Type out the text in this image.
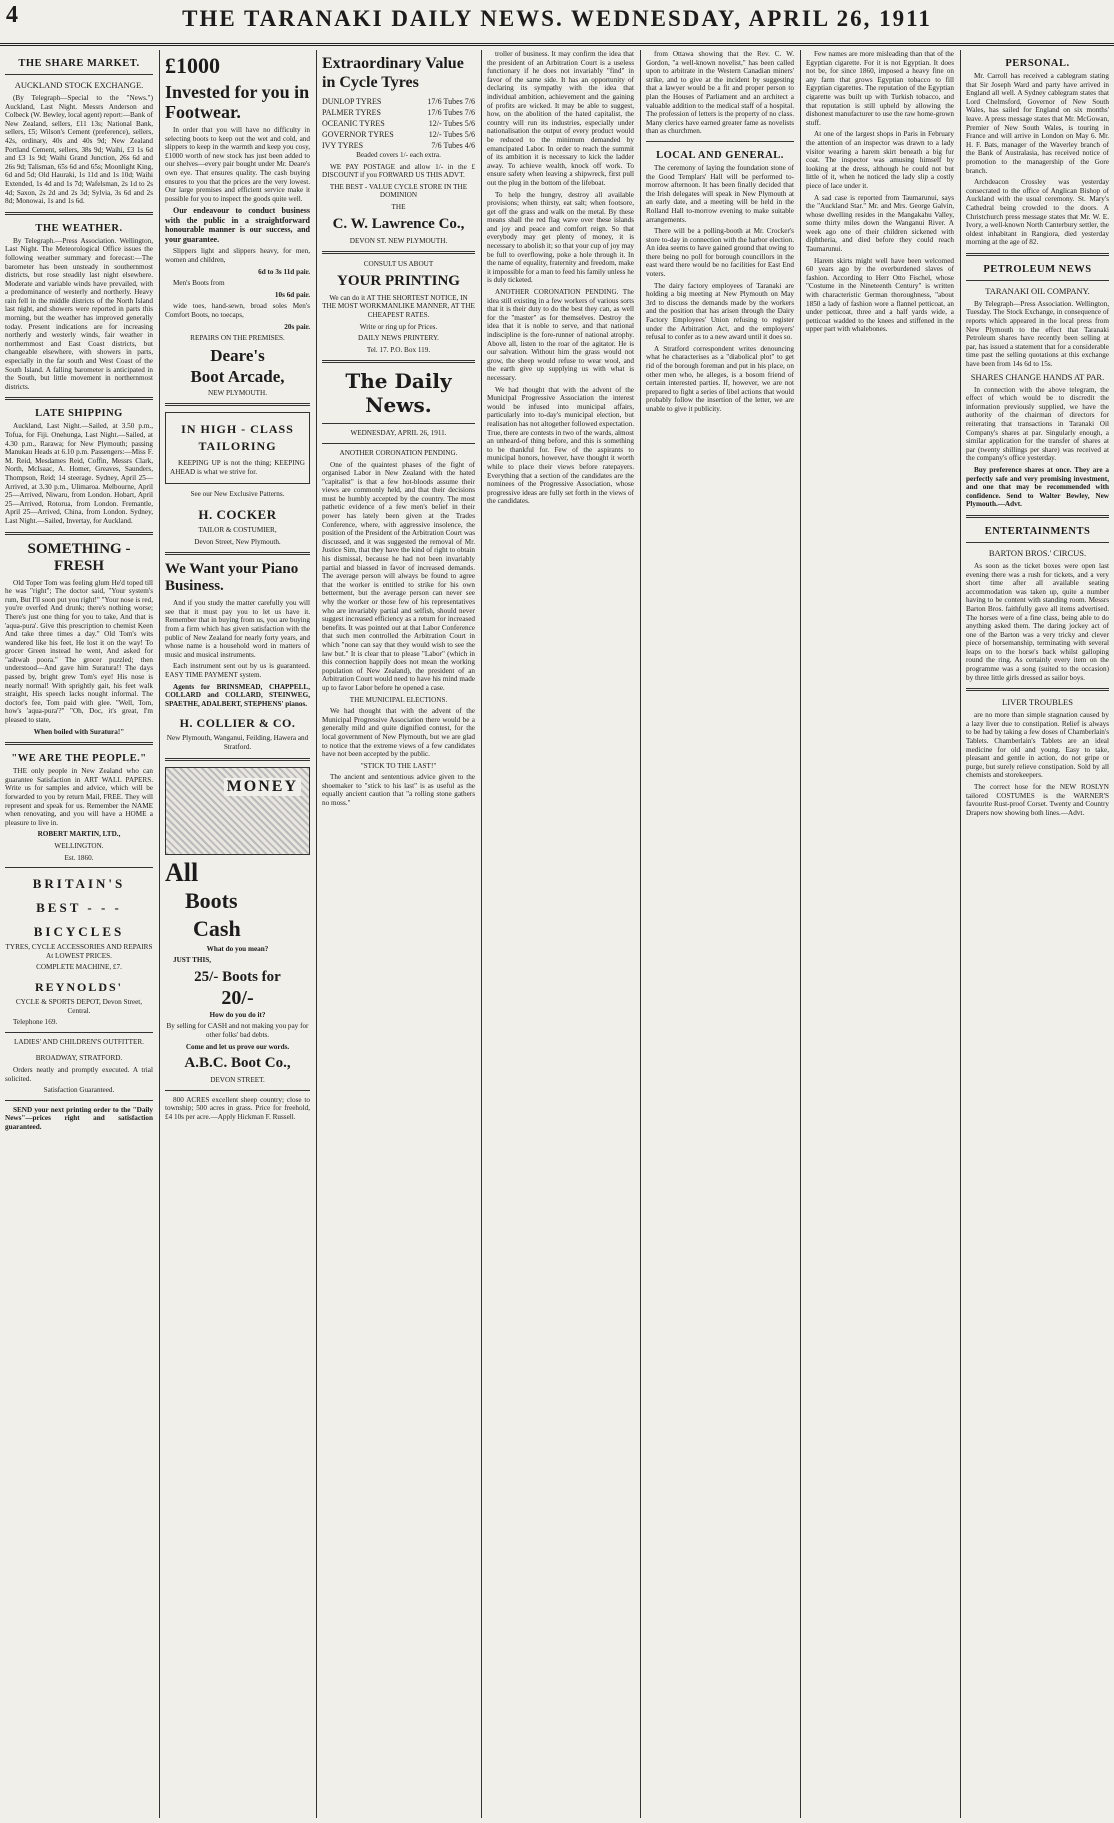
4	THE TARANAKI DAILY NEWS. WEDNESDAY, APRIL 26, 1911
THE SHARE MARKET.
AUCKLAND STOCK EXCHANGE.

(By Telegraph—Special to the "News.") Auckland, Last Night. Messrs Anderson and Colbeck (W. Bewley, local agent) report:—Bank of New Zealand, sellers, £11 13s; National Bank, sellers, £5; Wilson's Cement (preference), sellers, 42s, ordinary, 40s and 40s 9d; New Zealand Portland Cement, sellers, 38s 9d; Waihi, £3 1s 6d and £3 1s 9d; Waihi Grand Junction, 26s 6d and 26s 9d; Talisman, 65s 6d and 65s; Moonlight King, 6d and 5d; Old Hauraki, 1s 11d and 1s 10d; Waihi Extended, 1s 4d and 1s 7d; Wafelsman, 2s 1d to 2s 4d; Saxon, 2s 2d and 2s 3d; Sylvia, 3s 6d and 2s 8d; Monowai, 1s and 1s 6d.

THE WEATHER.

By Telegraph.—Press Association. Wellington, Last Night. The Meteorological Office issues the following weather summary and forecast:—The barometer has been unsteady in southernmost districts, but rose steadily last night elsewhere. Moderate and variable winds have prevailed, with a predominance of westerly and northerly. Heavy rain fell in the middle districts of the North Island last night, and showers were reported in parts this morning, but the weather has improved generally today. Present indications are for increasing northerly and westerly winds, fair weather in northernmost and East Coast districts, but changeable elsewhere, with showers in parts, especially in the far south and West Coast of the South Island. A falling barometer is anticipated in the South, but little movement in northernmost districts.

LATE SHIPPING

Auckland, Last Night.—Sailed, at 3.50 p.m., Tofua, for Fiji. Onehunga, Last Night.—Sailed, at 4.30 p.m., Rarawa; for New Plymouth; passing Manukau Heads at 6.10 p.m. Passengers:—Miss F. M. Reid, Mesdames Reid, Coffin, Messrs Clark, North, McIsaac, A. Homer, Greaves, Saunders, Thompson, Reid; 14 steerage. Sydney, April 25—Arrived, at 3.30 p.m., Ulimaroa. Melbourne, April 25—Arrived, Niwaru, from London. Hobart, April 25—Arrived, Rotorua, from London. Fremantle, April 25—Arrived, China, from London. Sydney, Last Night.—Sailed, Invertay, for Auckland.

SOMETHING - FRESH

Old Toper Tom was feeling glum He'd toped till he was "right"; The doctor said, "Your system's rum, But I'll soon put you right!" "Your nose is red, you're overfed And drunk; there's nothing worse; There's just one thing for you to take, And that is 'aqua-pura'. Give this prescription to chemist Keen And take three times a day." Old Tom's wits wandered like his feet, He lost it on the way! To grocer Green instead he went, And asked for "ashwah poora." The grocer puzzled; then understood—And gave him Suratura!! The days passed by, bright grew Tom's eye! His nose is nearly normal! With sprightly gait, his feet walk straight, His speech lacks nought informal. The doctor's fee, Tom paid with glee. "Well, Tom, how's 'aqua-pura'?" "Oh, Doc, it's great, I'm pleased to state,

When boiled with Suratura!"

"WE ARE THE PEOPLE."

THE only people in New Zealand who can guarantee Satisfaction in ART WALL PAPERS. Write us for samples and advice, which will be forwarded to you by return Mail, FREE. They will represent and speak for us. Remember the NAME when renovating, and you will have a HOME a pleasure to live in.

ROBERT MARTIN, LTD.,

WELLINGTON.

Est. 1860.

BRITAIN'S
BEST - - -
BICYCLES

TYRES, CYCLE ACCESSORIES AND REPAIRS At LOWEST PRICES.

COMPLETE MACHINE, £7.

REYNOLDS'

CYCLE & SPORTS DEPOT, Devon Street, Central.

Telephone 169.

LADIES' AND CHILDREN'S OUTFITTER.

BROADWAY, STRATFORD.

Orders neatly and promptly executed. A trial solicited.

Satisfaction Guaranteed.

SEND your next printing order to the "Daily News"—prices right and satisfaction guaranteed.

£1000
Invested for you in Footwear.

In order that you will have no difficulty in selecting boots to keep out the wet and cold, and slippers to keep in the warmth and keep you cosy, £1000 worth of new stock has just been added to our shelves—every pair bought under Mr. Deare's own eye. That ensures quality. The cash buying ensures to you that the prices are the very lowest. Our large premises and efficient service make it possible for you to inspect the goods quite well.

Our endeavour to conduct business with the public in a straightforward honourable manner is our success, and your guarantee.

Slippers light and slippers heavy, for men, women and children,

6d to 3s 11d pair.

Men's Boots from

10s 6d pair.

wide toes, hand-sewn, broad soles Men's Comfort Boots, no toecaps,

20s pair.

REPAIRS ON THE PREMISES.

Deare's
Boot Arcade,

NEW PLYMOUTH.

IN HIGH - CLASS TAILORING

KEEPING UP is not the thing; KEEPING AHEAD is what we strive for.

See our New Exclusive Patterns.

H. COCKER

TAILOR & COSTUMIER,

Devon Street, New Plymouth.

We Want your Piano Business.

And if you study the matter carefully you will see that it must pay you to let us have it. Remember that in buying from us, you are buying from a firm which has given satisfaction with the public of New Zealand for nearly forty years, and whose name is a household word in matters of music and musical instruments.

Each instrument sent out by us is guaranteed. EASY TIME PAYMENT system.

Agents for BRINSMEAD, CHAPPELL, COLLARD and COLLARD, STEINWEG, SPAETHE, ADALBERT, STEPHENS' pianos.

H. COLLIER & CO.

New Plymouth, Wanganui, Feilding, Hawera and Stratford.

MONEY
All
Boots
Cash

What do you mean?

JUST THIS,

25/- Boots for
20/-

How do you do it?

By selling for CASH and not making you pay for other folks' bad debts.

Come and let us prove our words.

A.B.C. Boot Co.,

DEVON STREET.

800 ACRES excellent sheep country; close to township; 500 acres in grass. Price for freehold, £4 10s per acre.—Apply Hickman F. Russell.

Extraordinary Value in Cycle Tyres
DUNLOP TYRES	17/6 Tubes 7/6
PALMER TYRES	17/6 Tubes 7/6
OCEANIC TYRES	12/- Tubes 5/6
GOVERNOR TYRES	12/- Tubes 5/6
IVY TYRES	7/6 Tubes 4/6

Beaded covers 1/- each extra.

WE PAY POSTAGE and allow 1/- in the £ DISCOUNT if you FORWARD US THIS ADVT.

THE BEST - VALUE CYCLE STORE IN THE DOMINION

THE

C. W. Lawrence Co.,

DEVON ST. NEW PLYMOUTH.

CONSULT US ABOUT

YOUR PRINTING

We can do it AT THE SHORTEST NOTICE, IN THE MOST WORKMANLIKE MANNER, AT THE CHEAPEST RATES.

Write or ring up for Prices.

DAILY NEWS PRINTERY.

Tel. 17. P.O. Box 119.

The Daily News.

WEDNESDAY, APRIL 26, 1911.

ANOTHER CORONATION PENDING.

One of the quaintest phases of the fight of organised Labor in New Zealand with the hated "capitalist" is that a few hot-bloods assume their views are commonly held, and that their decisions must be humbly accepted by the country. The most pathetic evidence of a few men's belief in their power has lately been given at the Trades Conference, where, with aggressive insolence, the position of the President of the Arbitration Court was discussed, and it was suggested the removal of Mr. Justice Sim, that they have the kind of right to obtain his dismissal, because he had not been invariably partial and biassed in favor of increased demands. The average person will always be found to agree that the worker is entitled to strike for his own betterment, but the average person can never see why the worker or those few of his representatives who are invariably partial and selfish, should never suggest increased efficiency as a return for increased benefits. It was pointed out at that Labor Conference that such men controlled the Arbitration Court in which "none can say that they would wish to see the law but." It is clear that to please "Labor" (which in this connection happily does not mean the working population of New Zealand), the president of an Arbitration Court would need to have his mind made up to favor Labor before he opened a case.

THE MUNICIPAL ELECTIONS.

We had thought that with the advent of the Municipal Progressive Association there would be a generally mild and quite dignified contest, for the local government of New Plymouth, but we are glad to notice that the extreme views of a few candidates have not been accepted by the public.

"STICK TO THE LAST!"

The ancient and sententious advice given to the shoemaker to "stick to his last" is as useful as the equally ancient caution that "a rolling stone gathers no moss."

troller of business. It may confirm the idea that the president of an Arbitration Court is a useless functionary if he does not invariably "find" in favor of the same side. It has an opportunity of declaring its sympathy with the idea that individual ambition, achievement and the gaining of profits are wicked. It may be able to suggest, how, on the abolition of the hated capitalist, the country will run its industries, especially under nationalisation the output of every product would be reduced to the minimum demanded by emancipated Labor. In order to reach the summit of its ambition it is necessary to kick the ladder away. To achieve wealth, knock off work. To ensure safety when leaving a shipwreck, first pull out the plug in the bottom of the lifeboat.

To help the hungry, destroy all available provisions; when thirsty, eat salt; when footsore, get off the grass and walk on the metal. By these means shall the red flag wave over these islands and joy and peace and comfort reign. So that everybody may get plenty of money, it is necessary to abolish it; so that your cup of joy may be full to overflowing, poke a hole through it. In the name of equality, fraternity and freedom, make it impossible for a man to feed his family unless he is duly ticketed.

ANOTHER CORONATION PENDING. The idea still existing in a few workers of various sorts that it is their duty to do the best they can, as well for the "master" as for themselves. Destroy the idea that it is noble to serve, and that national indiscipline is the fore-runner of national atrophy. Above all, listen to the roar of the agitator. He is our salvation. Without him the grass would not grow, the sheep would refuse to wear wool, and the earth give up supplying us with what is necessary.

We had thought that with the advent of the Municipal Progressive Association the interest would be infused into municipal affairs, particularly into to-day's municipal election, but realisation has not altogether followed expectation. True, there are contests in two of the wards, almost an unheard-of thing before, and this is something to be thankful for. Few of the aspirants to municipal honors, however, have thought it worth while to place their views before ratepayers. Everything that a section of the candidates are the nominees of the Progressive Association, whose progressive ideas are fully set forth in the views of the candidates.

from Ottawa showing that the Rev. C. W. Gordon, "a well-known novelist," has been called upon to arbitrate in the Western Canadian miners' strike, and to give at the incident by suggesting that a lawyer would be a fit and proper person to plan the Houses of Parliament and an architect a valuable addition to the medical staff of a hospital. The profession of letters is the property of no class. Many clerics have earned greater fame as novelists than as churchmen.

LOCAL AND GENERAL.

The ceremony of laying the foundation stone of the Good Templars' Hall will be performed to-morrow afternoon. It has been finally decided that the Irish delegates will speak in New Plymouth at an early date, and a meeting will be held in the Rolland Hall to-morrow evening to make suitable arrangements.

There will be a polling-booth at Mr. Crocker's store to-day in connection with the harbor election. An idea seems to have gained ground that owing to there being no poll for borough councillors in the east ward there would be no facilities for East End voters.

The dairy factory employees of Taranaki are holding a big meeting at New Plymouth on May 3rd to discuss the demands made by the workers and the position that has arisen through the Dairy Factory Employees' Union refusing to register under the Arbitration Act, and the employers' refusal to confer as to a new award until it does so.

A Stratford correspondent writes denouncing what he characterises as a "diabolical plot" to get rid of the borough foreman and put in his place, on other men who, he alleges, is a bosom friend of certain interested parties. If, however, we are not prepared to fight a series of libel actions that would probably follow the insertion of the letter, we are unable to give it publicity.

Few names are more misleading than that of the Egyptian cigarette. For it is not Egyptian. It does not be, for since 1860, imposed a heavy fine on any farm that grows Egyptian tobacco to fill Egyptian cigarettes. The reputation of the Egyptian cigarette was built up with Turkish tobacco, and that reputation is still upheld by allowing the dishonest manufacturer to use the raw home-grown stuff.

At one of the largest shops in Paris in February the attention of an inspector was drawn to a lady visitor wearing a harem skirt beneath a big fur coat. The inspector was amusing himself by looking at the dress, although he could not but little of it, when he noticed the lady slip a costly piece of lace under it.

A sad case is reported from Taumarunui, says the "Auckland Star." Mr. and Mrs. George Galvin, whose dwelling resides in the Mangakahu Valley, some thirty miles down the Wanganui River. A week ago one of their children sickened with diphtheria, and died before they could reach Taumarunui.

Harem skirts might well have been welcomed 60 years ago by the overburdened slaves of fashion. According to Herr Otto Fischel, whose "Costume in the Nineteenth Century" is written with characteristic German thoroughness, "about 1850 a lady of fashion wore a flannel petticoat, an under petticoat, three and a half yards wide, a petticoat wadded to the knees and stiffened in the upper part with whalebones.

PERSONAL.

Mr. Carroll has received a cablegram stating that Sir Joseph Ward and party have arrived in England all well. A Sydney cablegram states that Lord Chelmsford, Governor of New South Wales, has sailed for England on six months' leave. A press message states that Mr. McGowan, Premier of New South Wales, is touring in France and will arrive in London on May 6. Mr. H. F. Bats, manager of the Waverley branch of the Bank of Australasia, has received notice of promotion to the managership of the Gore branch.

Archdeacon Crossley was yesterday consecrated to the office of Anglican Bishop of Auckland with the usual ceremony. St. Mary's Cathedral being crowded to the doors. A Christchurch press message states that Mr. W. E. Ivory, a well-known North Canterbury settler, the oldest inhabitant in Rangiora, died yesterday morning at the age of 82.

PETROLEUM NEWS
TARANAKI OIL COMPANY.

By Telegraph—Press Association. Wellington, Tuesday. The Stock Exchange, in consequence of reports which appeared in the local press from New Plymouth to the effect that Taranaki Petroleum shares have recently been selling at par, has issued a statement that for a considerable time past the selling quotations at this exchange have been from 14s 6d to 15s.

SHARES CHANGE HANDS AT PAR.

In connection with the above telegram, the effect of which would be to discredit the information previously supplied, we have the authority of the chairman of directors for reiterating that transactions in Taranaki Oil Company's shares at par. Singularly enough, a similar application for the transfer of shares at par (twenty shillings per share) was received at the company's office yesterday.

Buy preference shares at once. They are a perfectly safe and very promising investment, and one that may be recommended with confidence. Send to Walter Bewley, New Plymouth.—Advt.

ENTERTAINMENTS
BARTON BROS.' CIRCUS.

As soon as the ticket boxes were open last evening there was a rush for tickets, and a very short time after all available seating accommodation was taken up, quite a number having to be content with standing room. Messrs Barton Bros. faithfully gave all items advertised. The horses were of a fine class, being able to do anything asked them. The daring jockey act of one of the Barton was a very tricky and clever piece of horsemanship, terminating with several leaps on to the horse's back whilst galloping round the ring. As certainly every item on the programme was a song (suited to the occasion) by three little girls dressed as sailor boys.

LIVER TROUBLES

are no more than simple stagnation caused by a lazy liver due to constipation. Relief is always to be had by taking a few doses of Chamberlain's Tablets. Chamberlain's Tablets are an ideal medicine for old and young. Easy to take, pleasant and gentle in action, do not gripe or purge, but surely relieve constipation. Sold by all chemists and storekeepers.

The correct hose for the NEW ROSLYN tailored COSTUMES is the WARNER'S favourite Rust-proof Corset. Twenty and Country Drapers now showing both lines.—Advt.
